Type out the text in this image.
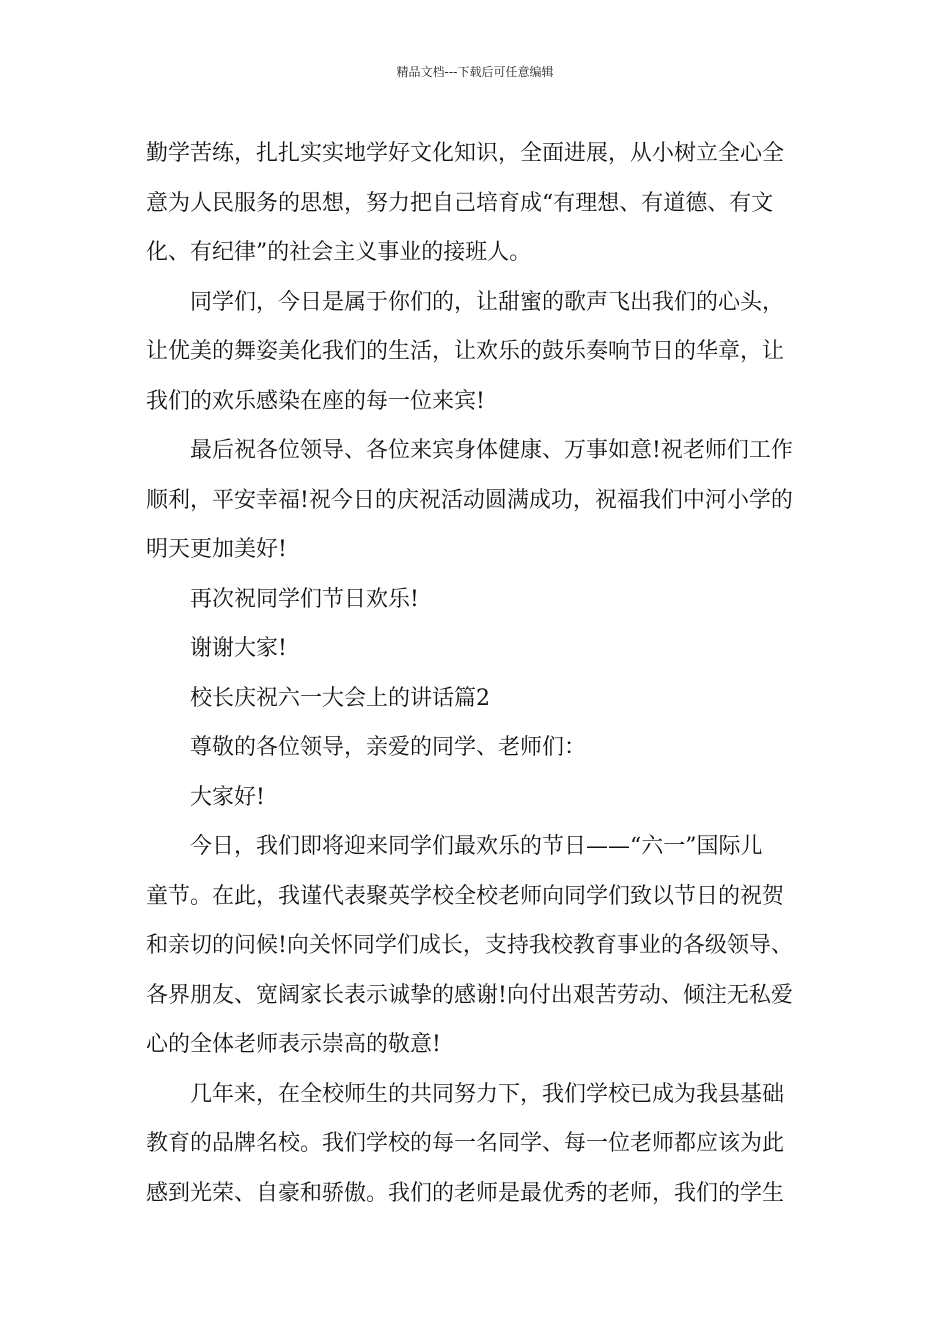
精品文档---下载后可任意编辑
勤学苦练，扎扎实实地学好文化知识，全面进展，从小树立全心全
意为人民服务的思想，努力把自己培育成“有理想、有道德、有文
化、有纪律”的社会主义事业的接班人。
同学们，今日是属于你们的，让甜蜜的歌声飞出我们的心头，
让优美的舞姿美化我们的生活，让欢乐的鼓乐奏响节日的华章，让
我们的欢乐感染在座的每一位来宾!
最后祝各位领导、各位来宾身体健康、万事如意!祝老师们工作
顺利，平安幸福!祝今日的庆祝活动圆满成功，祝福我们中河小学的
明天更加美好!
再次祝同学们节日欢乐!
谢谢大家!
校长庆祝六一大会上的讲话篇2
尊敬的各位领导，亲爱的同学、老师们：
大家好!
今日，我们即将迎来同学们最欢乐的节日——“六一”国际儿
童节。在此，我谨代表聚英学校全校老师向同学们致以节日的祝贺
和亲切的问候!向关怀同学们成长，支持我校教育事业的各级领导、
各界朋友、宽阔家长表示诚挚的感谢!向付出艰苦劳动、倾注无私爱
心的全体老师表示崇高的敬意!
几年来，在全校师生的共同努力下，我们学校已成为我县基础
教育的品牌名校。我们学校的每一名同学、每一位老师都应该为此
感到光荣、自豪和骄傲。我们的老师是最优秀的老师，我们的学生
